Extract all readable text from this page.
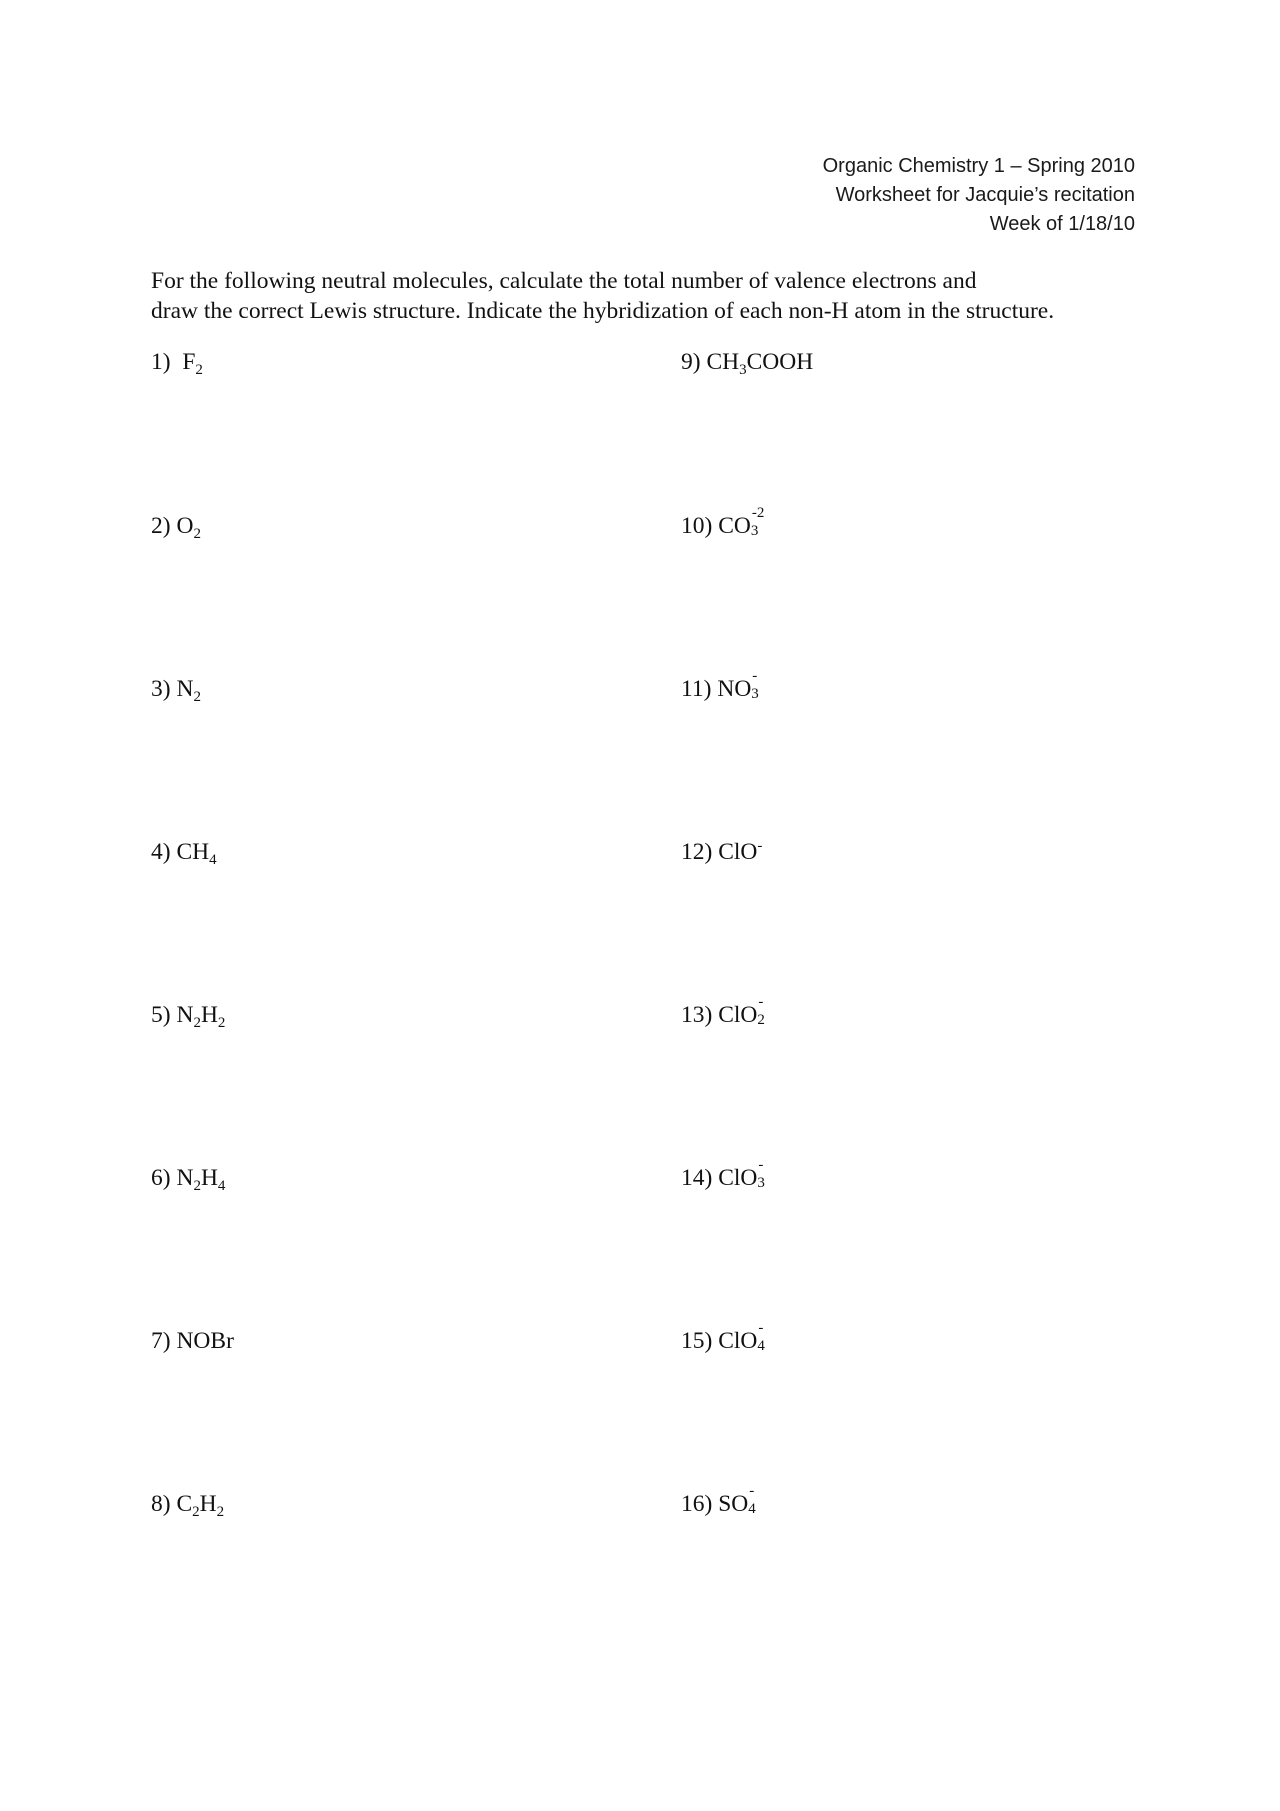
Organic Chemistry 1 – Spring 2010
Worksheet for Jacquie’s recitation
Week of 1/18/10
For the following neutral molecules, calculate the total number of valence electrons and
draw the correct Lewis structure. Indicate the hybridization of each non-H atom in the structure.
1) $F_2$
2) $O_2$
3) $N_2$
4) $CH_4$
5) $N_2H_2$
6) $N_2H_4$
7) NOBr
8) $C_2H_2$
9) $CH_3COOH$
10) CO 3
-2
11) NO 3
-
12) ClO-
13) ClO 2
-
14) ClO 3
-
15) ClO 4
-
16) SO 4
-
